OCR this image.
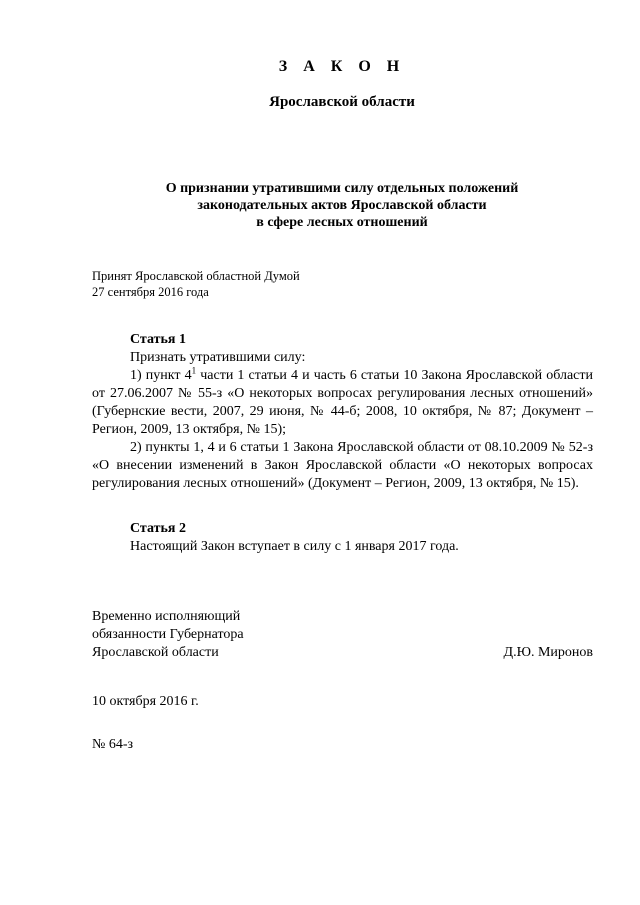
З А К О Н
Ярославской области
О признании утратившими силу отдельных положений
законодательных актов Ярославской области
в сфере лесных отношений
Принят Ярославской областной Думой
27 сентября 2016 года
Статья 1
Признать утратившими силу:

1) пункт $4^1$ части 1 статьи 4 и часть 6 статьи 10 Закона Ярославской области от 27.06.2007 № 55-з «О некоторых вопросах регулирования лесных отношений» (Губернские вести, 2007, 29 июня, № 44-б; 2008, 10 октября, № 87; Документ – Регион, 2009, 13 октября, № 15);

2) пункты 1, 4 и 6 статьи 1 Закона Ярославской области от 08.10.2009 № 52-з «О внесении изменений в Закон Ярославской области «О некоторых вопросах регулирования лесных отношений» (Документ – Регион, 2009, 13 октября, № 15).

Статья 2
Настоящий Закон вступает в силу с 1 января 2017 года.
Временно исполняющий
обязанности Губернатора
Ярославской области	Д.Ю. Миронов
10 октября 2016 г.
№ 64-з
